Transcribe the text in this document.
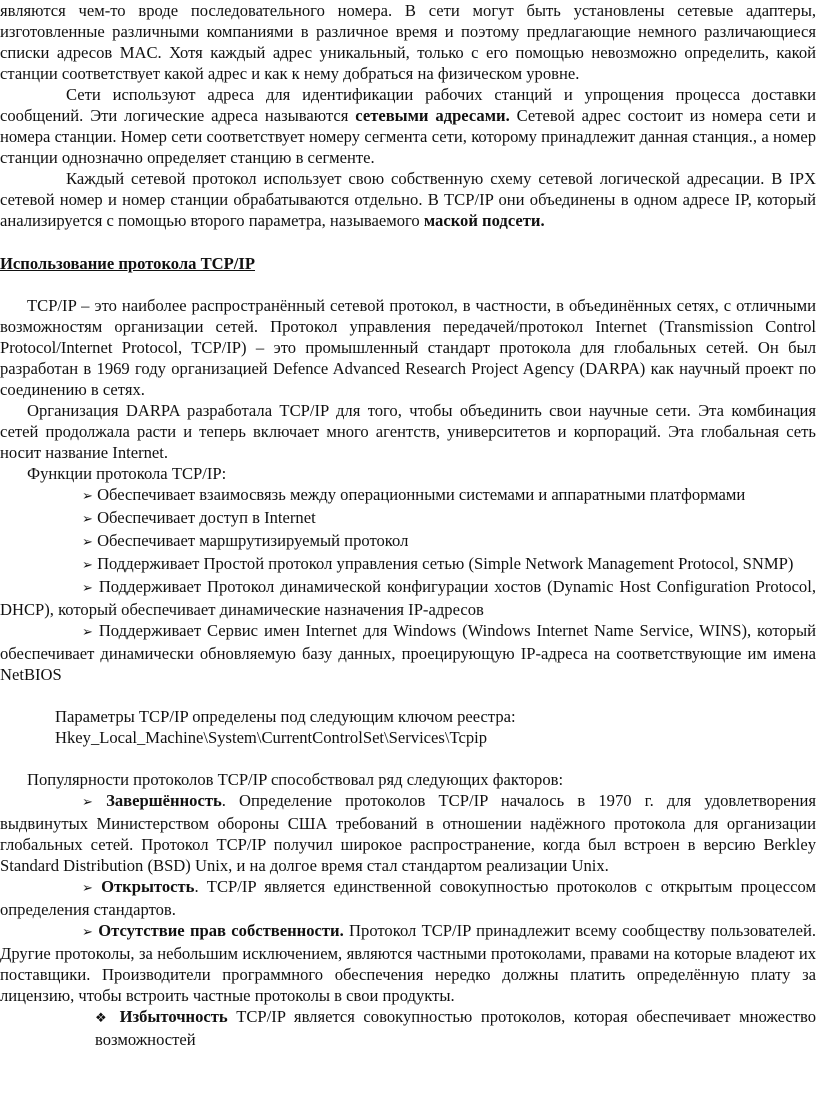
являются чем-то вроде последовательного номера. В сети могут быть установлены сетевые адаптеры, изготовленные различными компаниями в различное время и поэтому предлагающие немного различающиеся списки адресов MAC. Хотя каждый адрес уникальный, только с его помощью невозможно определить, какой станции соответствует какой адрес и как к нему добраться на физическом уровне.

Сети используют адреса для идентификации рабочих станций и упрощения процесса доставки сообщений. Эти логические адреса называются сетевыми адресами. Сетевой адрес состоит из номера сети и номера станции. Номер сети соответствует номеру сегмента сети, которому принадлежит данная станция., а номер станции однозначно определяет станцию в сегменте.

Каждый сетевой протокол использует свою собственную схему сетевой логической адресации. В IPX сетевой номер и номер станции обрабатываются отдельно. В TCP/IP они объединены в одном адресе IP, который анализируется с помощью второго параметра, называемого маской подсети.

Использование протокола TCP/IP

TCP/IP – это наиболее распространённый сетевой протокол, в частности, в объединённых сетях, с отличными возможностям организации сетей. Протокол управления передачей/протокол Internet (Transmission Control Protocol/Internet Protocol, TCP/IP) – это промышленный стандарт протокола для глобальных сетей. Он был разработан в 1969 году организацией Defence Advanced Research Project Agency (DARPA) как научный проект по соединению в сетях.

Организация DARPA разработала TCP/IP для того, чтобы объединить свои научные сети. Эта комбинация сетей продолжала расти и теперь включает много агентств, университетов и корпораций. Эта глобальная сеть носит название Internet.

Функции протокола TCP/IP:

➢ Обеспечивает взаимосвязь между операционными системами и аппаратными платформами
➢ Обеспечивает доступ в Internet
➢ Обеспечивает маршрутизируемый протокол
➢ Поддерживает Простой протокол управления сетью (Simple Network Management Protocol, SNMP)
➢ Поддерживает Протокол динамической конфигурации хостов (Dynamic Host Configuration Protocol, DHCP), который обеспечивает динамические назначения IP-адресов
➢ Поддерживает Сервис имен Internet для Windows (Windows Internet Name Service, WINS), который обеспечивает динамически обновляемую базу данных, проецирующую IP-адреса на соответствующие им имена NetBIOS
Параметры TCP/IP определены под следующим ключом реестра:
Hkey_Local_Machine\System\CurrentControlSet\Services\Tcpip

Популярности протоколов TCP/IP способствовал ряд следующих факторов:

➢ Завершённость. Определение протоколов TCP/IP началось в 1970 г. для удовлетворения выдвинутых Министерством обороны США требований в отношении надёжного протокола для организации глобальных сетей. Протокол TCP/IP получил широкое распространение, когда был встроен в версию Berkley Standard Distribution (BSD) Unix, и на долгое время стал стандартом реализации Unix.
➢ Открытость. TCP/IP является единственной совокупностью протоколов с открытым процессом определения стандартов.
➢ Отсутствие прав собственности. Протокол TCP/IP принадлежит всему сообществу пользователей. Другие протоколы, за небольшим исключением, являются частными протоколами, правами на которые владеют их поставщики. Производители программного обеспечения нередко должны платить определённую плату за лицензию, чтобы встроить частные протоколы в свои продукты.

❖ Избыточность TCP/IP является совокупностью протоколов, которая обеспечивает множество возможностей
